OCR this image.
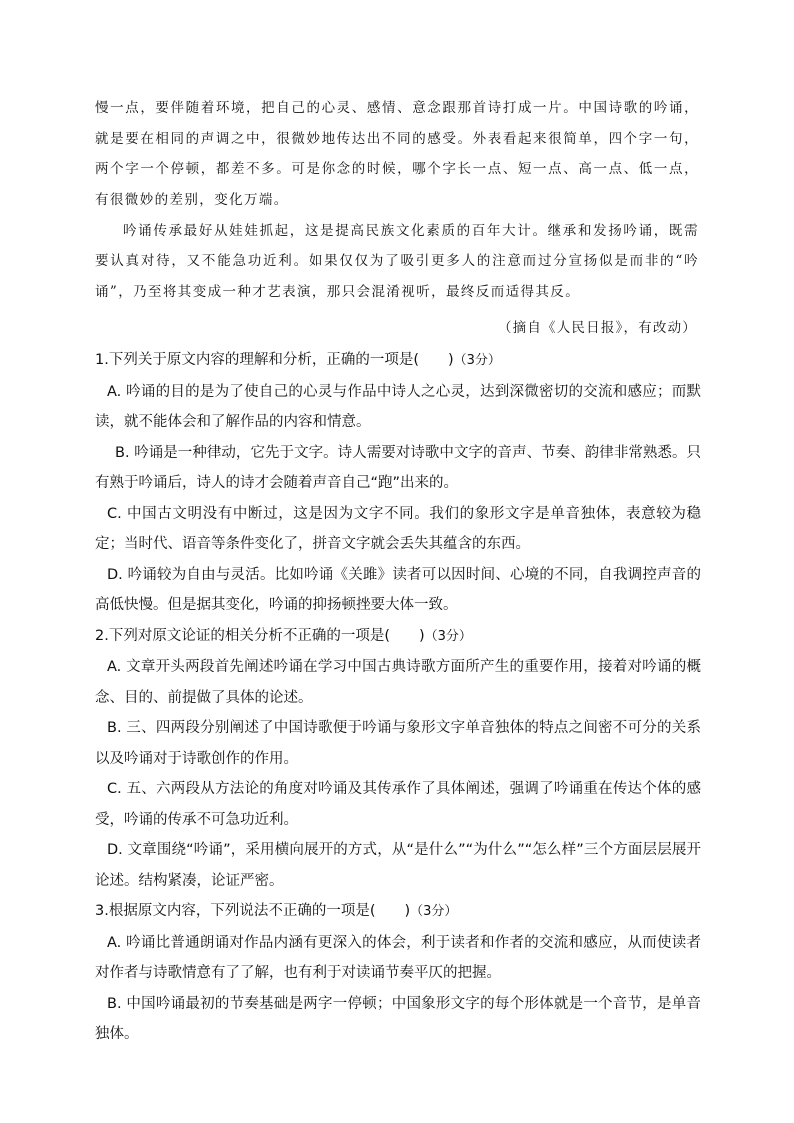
慢一点，要伴随着环境，把自己的心灵、感情、意念跟那首诗打成一片。中国诗歌的吟诵，就是要在相同的声调之中，很微妙地传达出不同的感受。外表看起来很简单，四个字一句，两个字一个停顿，都差不多。可是你念的时候，哪个字长一点、短一点、高一点、低一点，有很微妙的差别，变化万端。

吟诵传承最好从娃娃抓起，这是提高民族文化素质的百年大计。继承和发扬吟诵，既需要认真对待，又不能急功近利。如果仅仅为了吸引更多人的注意而过分宣扬似是而非的“吟诵”，乃至将其变成一种才艺表演，那只会混淆视听，最终反而适得其反。

（摘自《人民日报》，有改动）

1.下列关于原文内容的理解和分析，正确的一项是(　　)（3分）

A. 吟诵的目的是为了使自己的心灵与作品中诗人之心灵，达到深微密切的交流和感应；而默读，就不能体会和了解作品的内容和情意。

B. 吟诵是一种律动，它先于文字。诗人需要对诗歌中文字的音声、节奏、韵律非常熟悉。只有熟于吟诵后，诗人的诗才会随着声音自己“跑”出来的。

C. 中国古文明没有中断过，这是因为文字不同。我们的象形文字是单音独体，表意较为稳定；当时代、语音等条件变化了，拼音文字就会丢失其蕴含的东西。

D. 吟诵较为自由与灵活。比如吟诵《关雎》读者可以因时间、心境的不同，自我调控声音的高低快慢。但是据其变化，吟诵的抑扬顿挫要大体一致。

2.下列对原文论证的相关分析不正确的一项是(　　)（3分）

A. 文章开头两段首先阐述吟诵在学习中国古典诗歌方面所产生的重要作用，接着对吟诵的概念、目的、前提做了具体的论述。

B. 三、四两段分别阐述了中国诗歌便于吟诵与象形文字单音独体的特点之间密不可分的关系以及吟诵对于诗歌创作的作用。

C. 五、六两段从方法论的角度对吟诵及其传承作了具体阐述，强调了吟诵重在传达个体的感受，吟诵的传承不可急功近利。

D. 文章围绕“吟诵”，采用横向展开的方式，从“是什么”“为什么”“怎么样”三个方面层层展开论述。结构紧凑，论证严密。

3.根据原文内容，下列说法不正确的一项是(　　)（3分）

A. 吟诵比普通朗诵对作品内涵有更深入的体会，利于读者和作者的交流和感应，从而使读者对作者与诗歌情意有了了解，也有利于对读诵节奏平仄的把握。

B. 中国吟诵最初的节奏基础是两字一停顿；中国象形文字的每个形体就是一个音节，是单音独体。
